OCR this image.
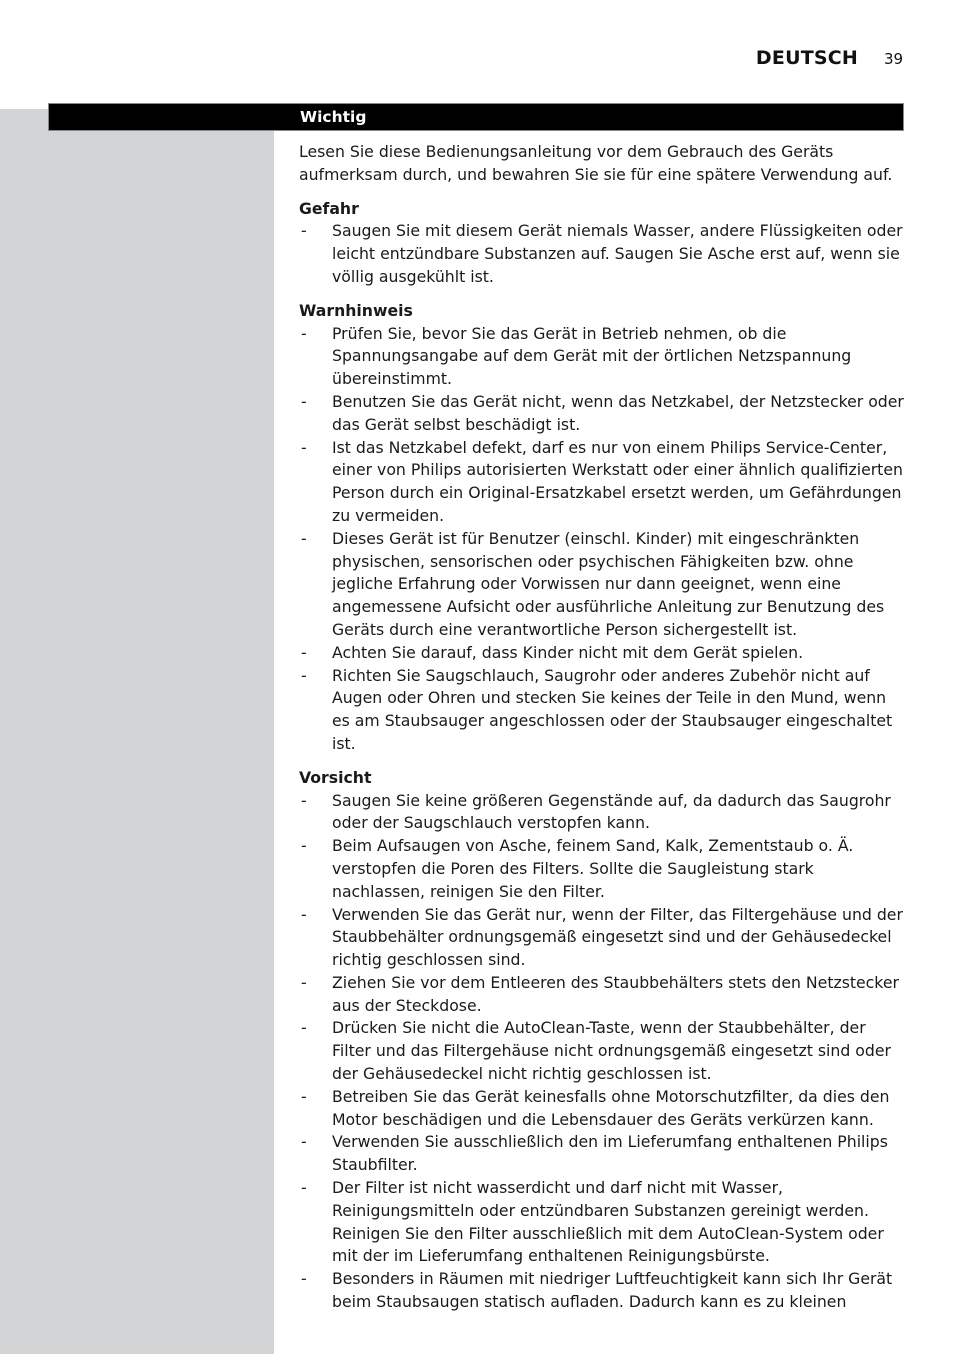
DEUTSCH 39
Wichtig

Lesen Sie diese Bedienungsanleitung vor dem Gebrauch des Geräts aufmerksam durch, und bewahren Sie sie für eine spätere Verwendung auf.

Gefahr

- Saugen Sie mit diesem Gerät niemals Wasser, andere Flüssigkeiten oder leicht entzündbare Substanzen auf. Saugen Sie Asche erst auf, wenn sie völlig ausgekühlt ist.

Warnhinweis

- Prüfen Sie, bevor Sie das Gerät in Betrieb nehmen, ob die Spannungsangabe auf dem Gerät mit der örtlichen Netzspannung übereinstimmt.
- Benutzen Sie das Gerät nicht, wenn das Netzkabel, der Netzstecker oder das Gerät selbst beschädigt ist.
- Ist das Netzkabel defekt, darf es nur von einem Philips Service-Center, einer von Philips autorisierten Werkstatt oder einer ähnlich qualifizierten Person durch ein Original-Ersatzkabel ersetzt werden, um Gefährdungen zu vermeiden.
- Dieses Gerät ist für Benutzer (einschl. Kinder) mit eingeschränkten physischen, sensorischen oder psychischen Fähigkeiten bzw. ohne jegliche Erfahrung oder Vorwissen nur dann geeignet, wenn eine angemessene Aufsicht oder ausführliche Anleitung zur Benutzung des Geräts durch eine verantwortliche Person sichergestellt ist.
- Achten Sie darauf, dass Kinder nicht mit dem Gerät spielen.
- Richten Sie Saugschlauch, Saugrohr oder anderes Zubehör nicht auf Augen oder Ohren und stecken Sie keines der Teile in den Mund, wenn es am Staubsauger angeschlossen oder der Staubsauger eingeschaltet ist.

Vorsicht

- Saugen Sie keine größeren Gegenstände auf, da dadurch das Saugrohr oder der Saugschlauch verstopfen kann.
- Beim Aufsaugen von Asche, feinem Sand, Kalk, Zementstaub o. Ä. verstopfen die Poren des Filters. Sollte die Saugleistung stark nachlassen, reinigen Sie den Filter.
- Verwenden Sie das Gerät nur, wenn der Filter, das Filtergehäuse und der Staubbehälter ordnungsgemäß eingesetzt sind und der Gehäusedeckel richtig geschlossen sind.
- Ziehen Sie vor dem Entleeren des Staubbehälters stets den Netzstecker aus der Steckdose.
- Drücken Sie nicht die AutoClean-Taste, wenn der Staubbehälter, der Filter und das Filtergehäuse nicht ordnungsgemäß eingesetzt sind oder der Gehäusedeckel nicht richtig geschlossen ist.
- Betreiben Sie das Gerät keinesfalls ohne Motorschutzfilter, da dies den Motor beschädigen und die Lebensdauer des Geräts verkürzen kann.
- Verwenden Sie ausschließlich den im Lieferumfang enthaltenen Philips Staubfilter.
- Der Filter ist nicht wasserdicht und darf nicht mit Wasser, Reinigungsmitteln oder entzündbaren Substanzen gereinigt werden. Reinigen Sie den Filter ausschließlich mit dem AutoClean-System oder mit der im Lieferumfang enthaltenen Reinigungsbürste.
- Besonders in Räumen mit niedriger Luftfeuchtigkeit kann sich Ihr Gerät beim Staubsaugen statisch aufladen. Dadurch kann es zu kleinen
